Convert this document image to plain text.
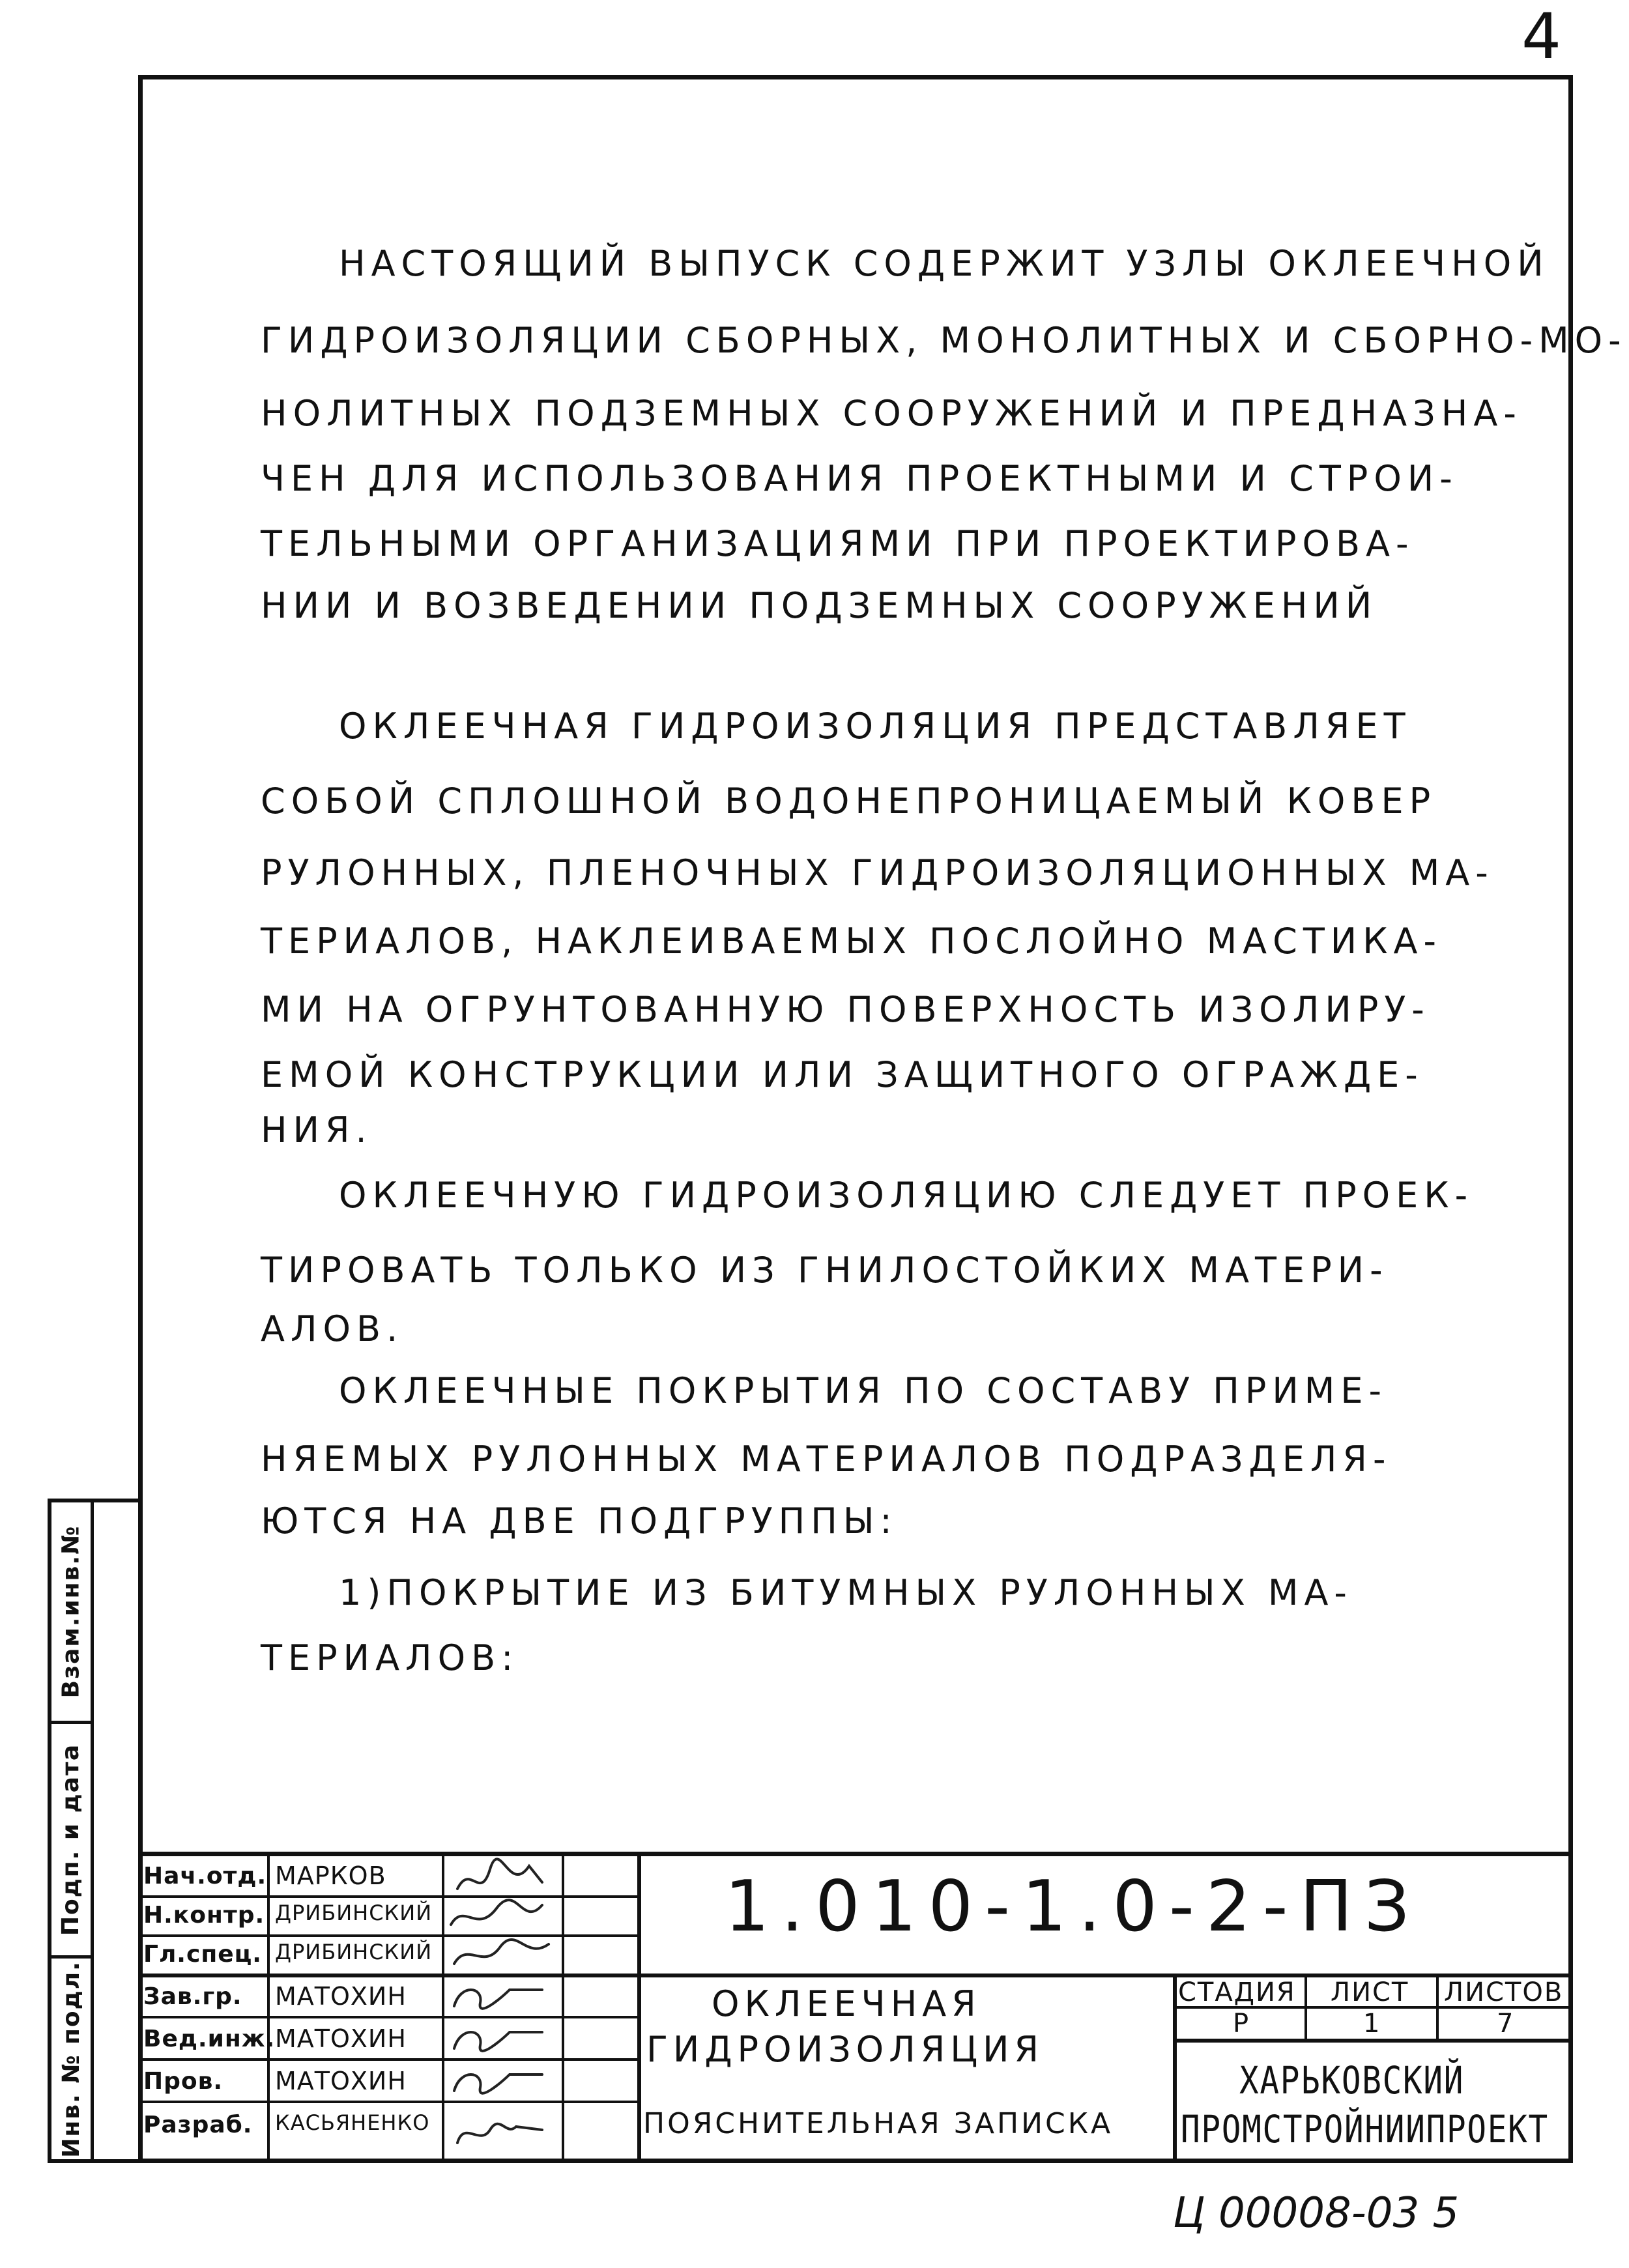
4
НАСТОЯЩИЙ ВЫПУСК СОДЕРЖИТ УЗЛЫ ОКЛЕЕЧНОЙ
ГИДРОИЗОЛЯЦИИ СБОРНЫХ, МОНОЛИТНЫХ И СБОРНО-МО-
НОЛИТНЫХ ПОДЗЕМНЫХ СООРУЖЕНИЙ И ПРЕДНАЗНА-
ЧЕН ДЛЯ ИСПОЛЬЗОВАНИЯ ПРОЕКТНЫМИ И СТРОИ-
ТЕЛЬНЫМИ ОРГАНИЗАЦИЯМИ ПРИ ПРОЕКТИРОВА-
НИИ И ВОЗВЕДЕНИИ ПОДЗЕМНЫХ СООРУЖЕНИЙ
ОКЛЕЕЧНАЯ ГИДРОИЗОЛЯЦИЯ ПРЕДСТАВЛЯЕТ
СОБОЙ СПЛОШНОЙ ВОДОНЕПРОНИЦАЕМЫЙ КОВЕР
РУЛОННЫХ, ПЛЕНОЧНЫХ ГИДРОИЗОЛЯЦИОННЫХ МА-
ТЕРИАЛОВ, НАКЛЕИВАЕМЫХ ПОСЛОЙНО МАСТИКА-
МИ НА ОГРУНТОВАННУЮ ПОВЕРХНОСТЬ ИЗОЛИРУ-
ЕМОЙ КОНСТРУКЦИИ ИЛИ ЗАЩИТНОГО ОГРАЖДЕ-
НИЯ.
ОКЛЕЕЧНУЮ ГИДРОИЗОЛЯЦИЮ СЛЕДУЕТ ПРОЕК-
ТИРОВАТЬ ТОЛЬКО ИЗ ГНИЛОСТОЙКИХ МАТЕРИ-
АЛОВ.
ОКЛЕЕЧНЫЕ ПОКРЫТИЯ ПО СОСТАВУ ПРИМЕ-
НЯЕМЫХ РУЛОННЫХ МАТЕРИАЛОВ ПОДРАЗДЕЛЯ-
ЮТСЯ НА ДВЕ ПОДГРУППЫ:
1)ПОКРЫТИЕ ИЗ БИТУМНЫХ РУЛОННЫХ МА-
ТЕРИАЛОВ:
Взам.инв.№
Подп. и дата
Инв. № подл.
Нач.отд. МАРКОВ
Н.контр. ДРИБИНСКИЙ
Гл.спец. ДРИБИНСКИЙ
Зав.гр. МАТОХИН
Вед.инж. МАТОХИН
Пров. МАТОХИН
Разраб. КАСЬЯНЕНКО
1.010-1.0-2-ПЗ
ОКЛЕЕЧНАЯ
ГИДРОИЗОЛЯЦИЯ
ПОЯСНИТЕЛЬНАЯ ЗАПИСКА
СТАДИЯ ЛИСТ ЛИСТОВ
Р	1	7
ХАРЬКОВСКИЙ
ПРОМСТРОЙНИИПРОЕКТ
Ц 00008-03 5
